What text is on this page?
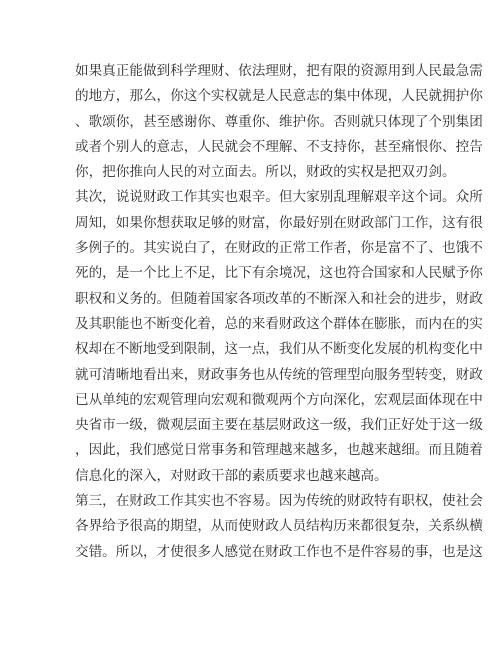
如果真正能做到科学理财、依法理财，把有限的资源用到人民最急需
的地方，那么，你这个实权就是人民意志的集中体现，人民就拥护你
、歌颂你，甚至感谢你、尊重你、维护你。否则就只体现了个别集团
或者个别人的意志，人民就会不理解、不支持你，甚至痛恨你、控告
你，把你推向人民的对立面去。所以，财政的实权是把双刃剑。
其次，说说财政工作其实也艰辛。但大家别乱理解艰辛这个词。众所
周知，如果你想获取足够的财富，你最好别在财政部门工作，这有很
多例子的。其实说白了，在财政的正常工作者，你是富不了、也饿不
死的，是一个比上不足，比下有余境况，这也符合国家和人民赋予你
职权和义务的。但随着国家各项改革的不断深入和社会的进步，财政
及其职能也不断变化着，总的来看财政这个群体在膨胀，而内在的实
权却在不断地受到限制，这一点，我们从不断变化发展的机构变化中
就可清晰地看出来，财政事务也从传统的管理型向服务型转变，财政
已从单纯的宏观管理向宏观和微观两个方向深化，宏观层面体现在中
央省市一级，微观层面主要在基层财政这一级，我们正好处于这一级
，因此，我们感觉日常事务和管理越来越多，也越来越细。而且随着
信息化的深入，对财政干部的素质要求也越来越高。
第三，在财政工作其实也不容易。因为传统的财政特有职权，使社会
各界给予很高的期望，从而使财政人员结构历来都很复杂，关系纵横
交错。所以，才使很多人感觉在财政工作也不是件容易的事，也是这
